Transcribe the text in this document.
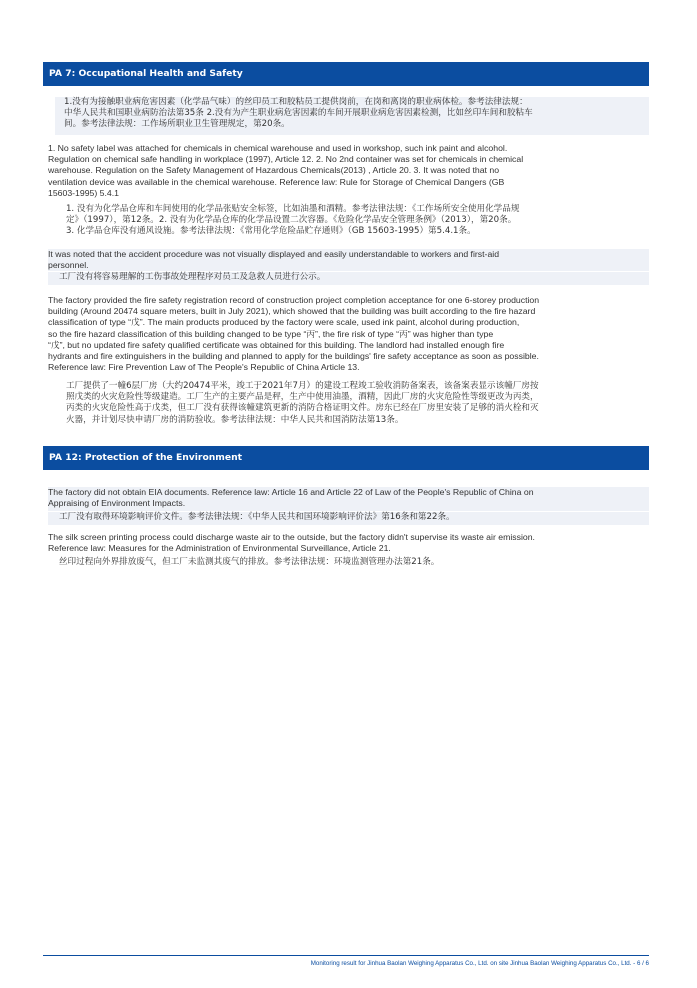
PA 7: Occupational Health and Safety
1.没有为接触职业病危害因素（化学品气味）的丝印员工和胶粘员工提供岗前，在岗和离岗的职业病体检。参考法律法规：
中华人民共和国职业病防治法第35条 2.没有为产生职业病危害因素的车间开展职业病危害因素检测，比如丝印车间和胶粘车
间。参考法律法规：工作场所职业卫生管理规定，第20条。
1. No safety label was attached for chemicals in chemical warehouse and used in workshop, such ink paint and alcohol.
Regulation on chemical safe handling in workplace (1997), Article 12. 2. No 2nd container was set for chemicals in chemical
warehouse. Regulation on the Safety Management of Hazardous Chemicals(2013) , Article 20. 3. It was noted that no
ventilation device was available in the chemical warehouse. Reference law: Rule for Storage of Chemical Dangers (GB
15603-1995) 5.4.1
1. 没有为化学品仓库和车间使用的化学品张贴安全标签，比如油墨和酒精。参考法律法规：《工作场所安全使用化学品规
定》（1997），第12条。2. 没有为化学品仓库的化学品设置二次容器。《危险化学品安全管理条例》（2013），第20条。
3. 化学品仓库没有通风设施。参考法律法规：《常用化学危险品贮存通则》（GB 15603-1995）第5.4.1条。
It was noted that the accident procedure was not visually displayed and easily understandable to workers and first-aid
personnel.
工厂没有将容易理解的工伤事故处理程序对员工及急救人员进行公示。
The factory provided the fire safety registration record of construction project completion acceptance for one 6-storey production
building (Around 20474 square meters, built in July 2021), which showed that the building was built according to the fire hazard
classification of type “戊”. The main products produced by the factory were scale, used ink paint, alcohol during production,
so the fire hazard classification of this building changed to be type “丙”, the fire risk of type “丙” was higher than type
“戊”, but no updated fire safety qualified certificate was obtained for this building. The landlord had installed enough fire
hydrants and fire extinguishers in the building and planned to apply for the buildings' fire safety acceptance as soon as possible.
Reference law: Fire Prevention Law of The People's Republic of China Article 13.
工厂提供了一幢6层厂房（大约20474平米，竣工于2021年7月）的建设工程竣工验收消防备案表，该备案表显示该幢厂房按
照戊类的火灾危险性等级建造。工厂生产的主要产品是秤，生产中使用油墨，酒精，因此厂房的火灾危险性等级更改为丙类，
丙类的火灾危险性高于戊类，但工厂没有获得该幢建筑更新的消防合格证明文件。房东已经在厂房里安装了足够的消火栓和灭
火器，并计划尽快申请厂房的消防验收。参考法律法规：中华人民共和国消防法第13条。
PA 12: Protection of the Environment
The factory did not obtain EIA documents. Reference law: Article 16 and Article 22 of Law of the People's Republic of China on
Appraising of Environment Impacts.
工厂没有取得环境影响评价文件。参考法律法规：《中华人民共和国环境影响评价法》第16条和第22条。
The silk screen printing process could discharge waste air to the outside, but the factory didn't supervise its waste air emission.
Reference law: Measures for the Administration of Environmental Surveillance, Article 21.
丝印过程向外界排放废气，但工厂未监测其废气的排放。参考法律法规：环境监测管理办法第21条。
Monitoring result for Jinhua Baolan Weighing Apparatus Co., Ltd. on site Jinhua Baolan Weighing Apparatus Co., Ltd. - 6 / 6
